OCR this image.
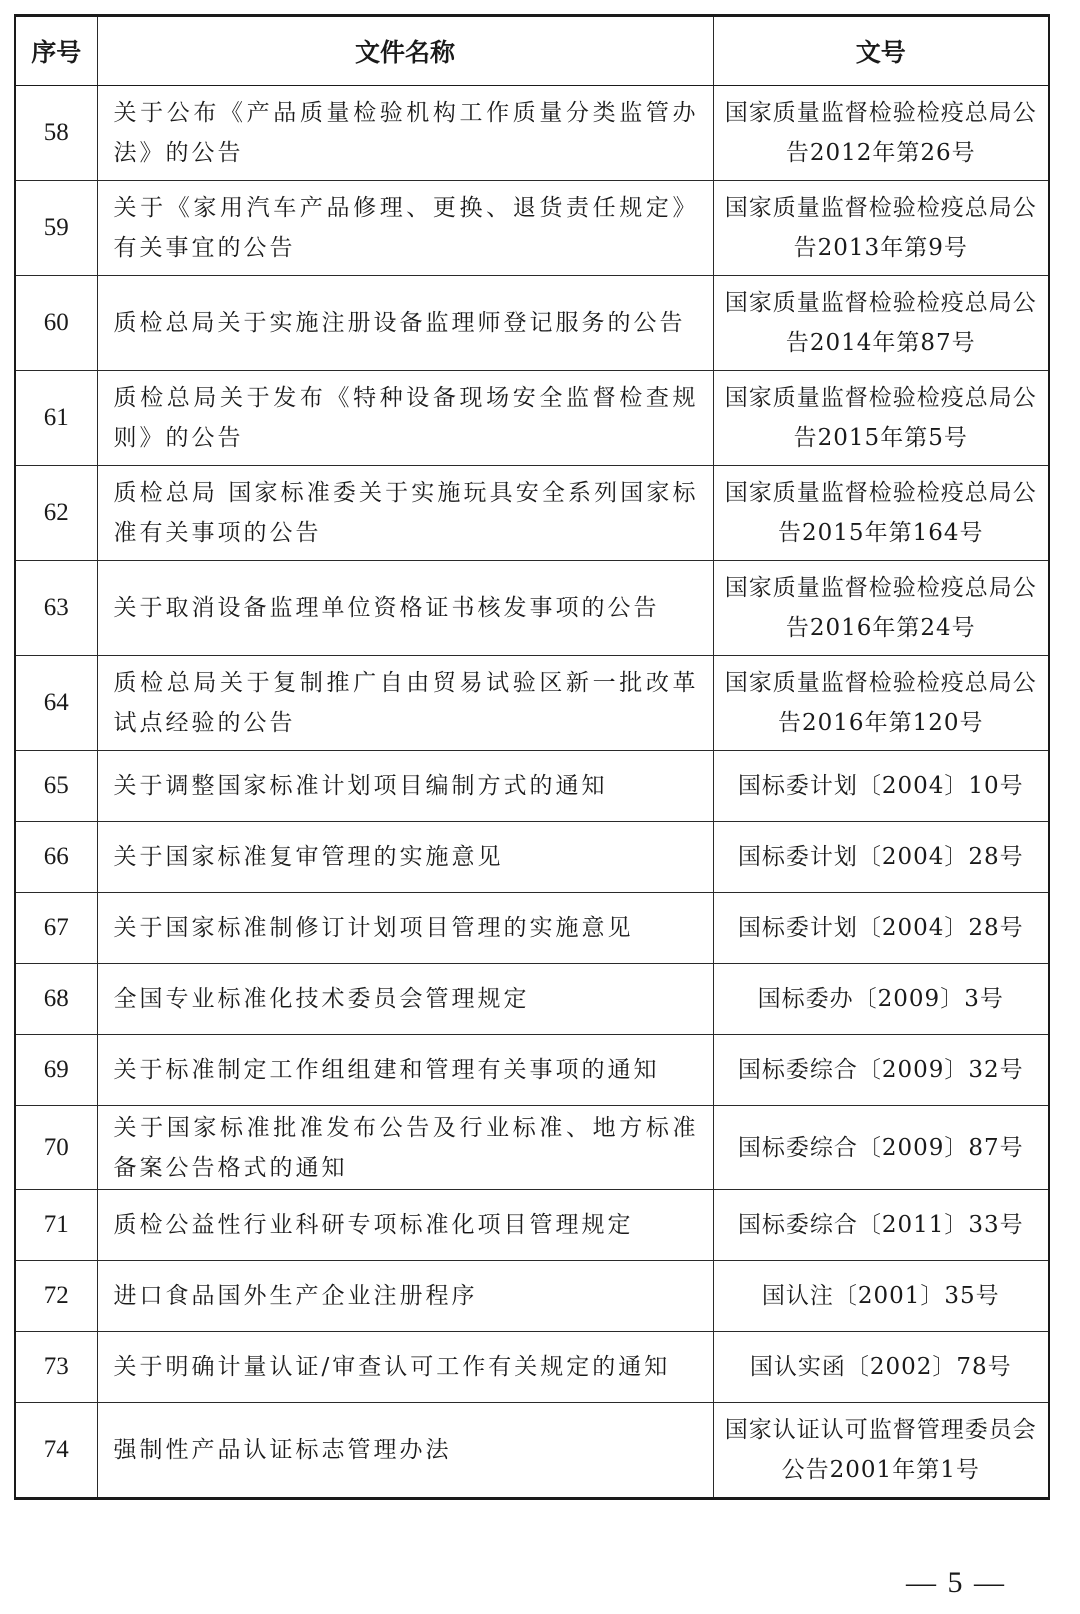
序号	文件名称	文号
58	关于公布《产品质量检验机构工作质量分类监管办法》的公告	国家质量监督检验检疫总局公告2012年第26号
59	关于《家用汽车产品修理、更换、退货责任规定》有关事宜的公告	国家质量监督检验检疫总局公告2013年第9号
60	质检总局关于实施注册设备监理师登记服务的公告	国家质量监督检验检疫总局公告2014年第87号
61	质检总局关于发布《特种设备现场安全监督检查规则》的公告	国家质量监督检验检疫总局公告2015年第5号
62	质检总局 国家标准委关于实施玩具安全系列国家标准有关事项的公告	国家质量监督检验检疫总局公告2015年第164号
63	关于取消设备监理单位资格证书核发事项的公告	国家质量监督检验检疫总局公告2016年第24号
64	质检总局关于复制推广自由贸易试验区新一批改革试点经验的公告	国家质量监督检验检疫总局公告2016年第120号
65	关于调整国家标准计划项目编制方式的通知	国标委计划〔2004〕10号
66	关于国家标准复审管理的实施意见	国标委计划〔2004〕28号
67	关于国家标准制修订计划项目管理的实施意见	国标委计划〔2004〕28号
68	全国专业标准化技术委员会管理规定	国标委办〔2009〕3号
69	关于标准制定工作组组建和管理有关事项的通知	国标委综合〔2009〕32号
70	关于国家标准批准发布公告及行业标准、地方标准备案公告格式的通知	国标委综合〔2009〕87号
71	质检公益性行业科研专项标准化项目管理规定	国标委综合〔2011〕33号
72	进口食品国外生产企业注册程序	国认注〔2001〕35号
73	关于明确计量认证/审查认可工作有关规定的通知	国认实函〔2002〕78号
74	强制性产品认证标志管理办法	国家认证认可监督管理委员会公告2001年第1号
— 5 —
